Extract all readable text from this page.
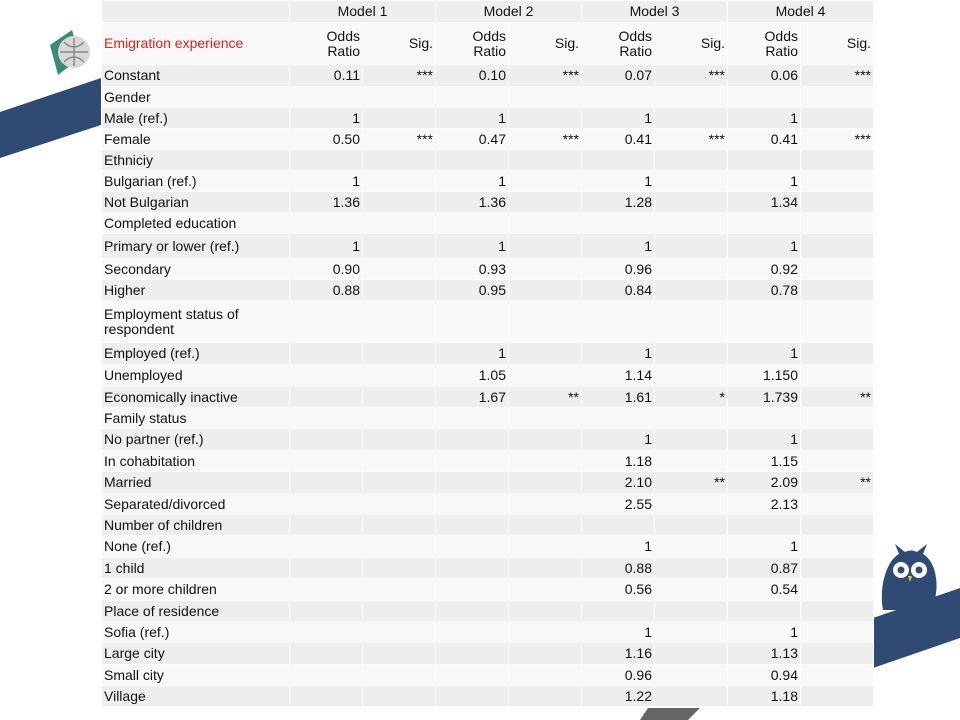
	Model 1		Model 2		Model 3		Model 4	
Emigration experience	Odds Ratio	Sig.	Odds Ratio	Sig.	Odds Ratio	Sig.	Odds Ratio	Sig.
Constant	0.11	***	0.10	***	0.07	***	0.06	***
Gender								
Male (ref.)	1		1		1		1	
Female	0.50	***	0.47	***	0.41	***	0.41	***
Ethniciy								
Bulgarian (ref.)	1		1		1		1	
Not Bulgarian	1.36		1.36		1.28		1.34	
Completed education								
Primary or lower (ref.)	1		1		1		1	
Secondary	0.90		0.93		0.96		0.92	
Higher	0.88		0.95		0.84		0.78	
Employment status of respondent								
Employed (ref.)			1		1		1	
Unemployed			1.05		1.14		1.150	
Economically inactive			1.67	**	1.61	*	1.739	**
Family status								
No partner (ref.)					1		1	
In cohabitation					1.18		1.15	
Married					2.10	**	2.09	**
Separated/divorced					2.55		2.13	
Number of children								
None (ref.)					1		1	
1 child					0.88		0.87	
2 or more children					0.56		0.54	
Place of residence								
Sofia (ref.)					1		1	
Large city					1.16		1.13	
Small city					0.96		0.94	
Village					1.22		1.18	
